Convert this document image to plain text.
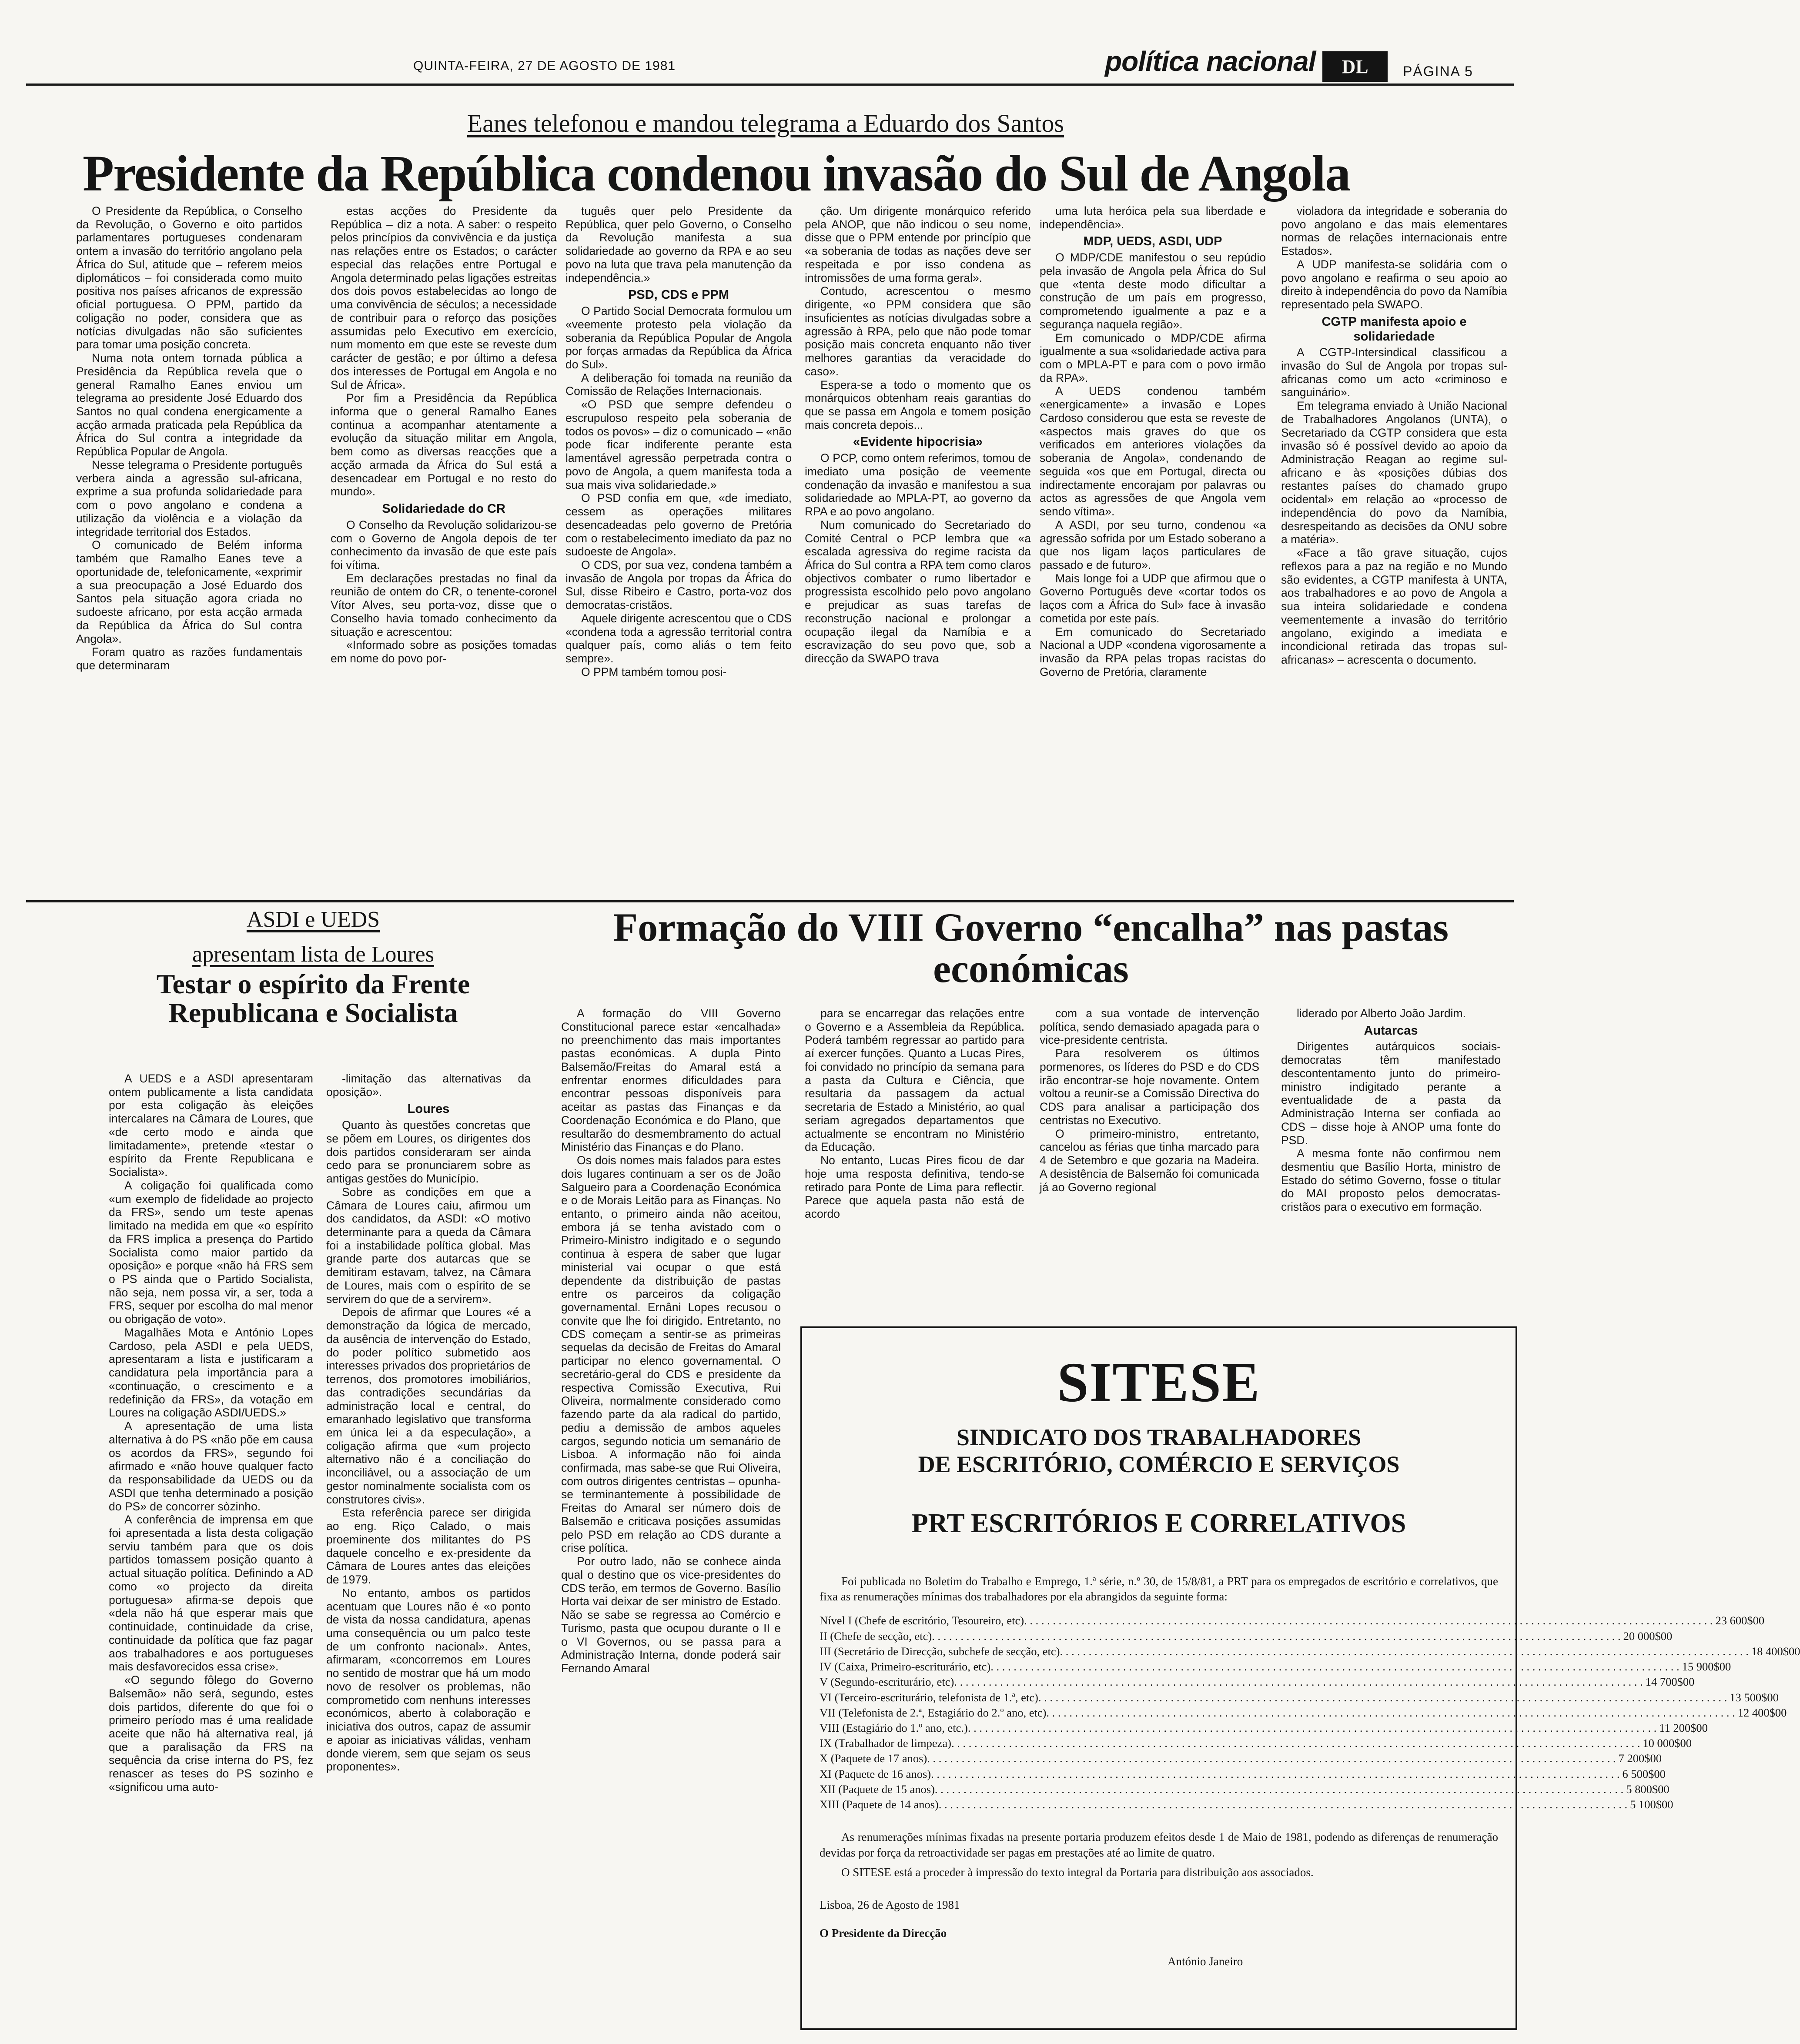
QUINTA-FEIRA, 27 DE AGOSTO DE 1981	política nacional	DL	PÁGINA 5
Eanes telefonou e mandou telegrama a Eduardo dos Santos
Presidente da República condenou invasão do Sul de Angola

O Presidente da República, o Conselho da Revolução, o Governo e oito partidos parlamentares portugueses condenaram ontem a invasão do território angolano pela África do Sul, atitude que – referem meios diplomáticos – foi considerada como muito positiva nos países africanos de expressão oficial portuguesa. O PPM, partido da coligação no poder, considera que as notícias divulgadas não são suficientes para tomar uma posição concreta.

Numa nota ontem tornada pública a Presidência da República revela que o general Ramalho Eanes enviou um telegrama ao presidente José Eduardo dos Santos no qual condena energicamente a acção armada praticada pela República da África do Sul contra a integridade da República Popular de Angola.

Nesse telegrama o Presidente português verbera ainda a agressão sul-africana, exprime a sua profunda solidariedade para com o povo angolano e condena a utilização da violência e a violação da integridade territorial dos Estados.

O comunicado de Belém informa também que Ramalho Eanes teve a oportunidade de, telefonicamente, «exprimir a sua preocupação a José Eduardo dos Santos pela situação agora criada no sudoeste africano, por esta acção armada da República da África do Sul contra Angola».

Foram quatro as razões fundamentais que determinaram

estas acções do Presidente da República – diz a nota. A saber: o respeito pelos princípios da convivência e da justiça nas relações entre os Estados; o carácter especial das relações entre Portugal e Angola determinado pelas ligações estreitas dos dois povos estabelecidas ao longo de uma convivência de séculos; a necessidade de contribuir para o reforço das posições assumidas pelo Executivo em exercício, num momento em que este se reveste dum carácter de gestão; e por último a defesa dos interesses de Portugal em Angola e no Sul de África».

Por fim a Presidência da República informa que o general Ramalho Eanes continua a acompanhar atentamente a evolução da situação militar em Angola, bem como as diversas reacções que a acção armada da África do Sul está a desencadear em Portugal e no resto do mundo».

Solidariedade do CR

O Conselho da Revolução solidarizou-se com o Governo de Angola depois de ter conhecimento da invasão de que este país foi vítima.

Em declarações prestadas no final da reunião de ontem do CR, o tenente-coronel Vítor Alves, seu porta-voz, disse que o Conselho havia tomado conhecimento da situação e acrescentou:

«Informado sobre as posições tomadas em nome do povo por-

tuguês quer pelo Presidente da República, quer pelo Governo, o Conselho da Revolução manifesta a sua solidariedade ao governo da RPA e ao seu povo na luta que trava pela manutenção da independência.»

PSD, CDS e PPM

O Partido Social Democrata formulou um «veemente protesto pela violação da soberania da República Popular de Angola por forças armadas da República da África do Sul».

A deliberação foi tomada na reunião da Comissão de Relações Internacionais.

«O PSD que sempre defendeu o escrupuloso respeito pela soberania de todos os povos» – diz o comunicado – «não pode ficar indiferente perante esta lamentável agressão perpetrada contra o povo de Angola, a quem manifesta toda a sua mais viva solidariedade.»

O PSD confia em que, «de imediato, cessem as operações militares desencadeadas pelo governo de Pretória com o restabelecimento imediato da paz no sudoeste de Angola».

O CDS, por sua vez, condena também a invasão de Angola por tropas da África do Sul, disse Ribeiro e Castro, porta-voz dos democratas-cristãos.

Aquele dirigente acrescentou que o CDS «condena toda a agressão territorial contra qualquer país, como aliás o tem feito sempre».

O PPM também tomou posi-

ção. Um dirigente monárquico referido pela ANOP, que não indicou o seu nome, disse que o PPM entende por princípio que «a soberania de todas as nações deve ser respeitada e por isso condena as intromissões de uma forma geral».

Contudo, acrescentou o mesmo dirigente, «o PPM considera que são insuficientes as notícias divulgadas sobre a agressão à RPA, pelo que não pode tomar posição mais concreta enquanto não tiver melhores garantias da veracidade do caso».

Espera-se a todo o momento que os monárquicos obtenham reais garantias do que se passa em Angola e tomem posição mais concreta depois...

«Evidente hipocrisia»

O PCP, como ontem referimos, tomou de imediato uma posição de veemente condenação da invasão e manifestou a sua solidariedade ao MPLA-PT, ao governo da RPA e ao povo angolano.

Num comunicado do Secretariado do Comité Central o PCP lembra que «a escalada agressiva do regime racista da África do Sul contra a RPA tem como claros objectivos combater o rumo libertador e progressista escolhido pelo povo angolano e prejudicar as suas tarefas de reconstrução nacional e prolongar a ocupação ilegal da Namíbia e a escravização do seu povo que, sob a direcção da SWAPO trava

uma luta heróica pela sua liberdade e independência».

MDP, UEDS, ASDI, UDP

O MDP/CDE manifestou o seu repúdio pela invasão de Angola pela África do Sul que «tenta deste modo dificultar a construção de um país em progresso, comprometendo igualmente a paz e a segurança naquela região».

Em comunicado o MDP/CDE afirma igualmente a sua «solidariedade activa para com o MPLA-PT e para com o povo irmão da RPA».

A UEDS condenou também «energicamente» a invasão e Lopes Cardoso considerou que esta se reveste de «aspectos mais graves do que os verificados em anteriores violações da soberania de Angola», condenando de seguida «os que em Portugal, directa ou indirectamente encorajam por palavras ou actos as agressões de que Angola vem sendo vítima».

A ASDI, por seu turno, condenou «a agressão sofrida por um Estado soberano a que nos ligam laços particulares de passado e de futuro».

Mais longe foi a UDP que afirmou que o Governo Português deve «cortar todos os laços com a África do Sul» face à invasão cometida por este país.

Em comunicado do Secretariado Nacional a UDP «condena vigorosamente a invasão da RPA pelas tropas racistas do Governo de Pretória, claramente

violadora da integridade e soberania do povo angolano e das mais elementares normas de relações internacionais entre Estados».

A UDP manifesta-se solidária com o povo angolano e reafirma o seu apoio ao direito à independência do povo da Namíbia representado pela SWAPO.

CGTP manifesta apoio e solidariedade

A CGTP-Intersindical classificou a invasão do Sul de Angola por tropas sul-africanas como um acto «criminoso e sanguinário».

Em telegrama enviado à União Nacional de Trabalhadores Angolanos (UNTA), o Secretariado da CGTP considera que esta invasão só é possível devido ao apoio da Administração Reagan ao regime sul-africano e às «posições dúbias dos restantes países do chamado grupo ocidental» em relação ao «processo de independência do povo da Namíbia, desrespeitando as decisões da ONU sobre a matéria».

«Face a tão grave situação, cujos reflexos para a paz na região e no Mundo são evidentes, a CGTP manifesta à UNTA, aos trabalhadores e ao povo de Angola a sua inteira solidariedade e condena veementemente a invasão do território angolano, exigindo a imediata e incondicional retirada das tropas sul-africanas» – acrescenta o documento.

ASDI e UEDS
apresentam lista de Loures
Testar o espírito da Frente Republicana e Socialista

A UEDS e a ASDI apresentaram ontem publicamente a lista candidata por esta coligação às eleições intercalares na Câmara de Loures, que «de certo modo e ainda que limitadamente», pretende «testar o espírito da Frente Republicana e Socialista».

A coligação foi qualificada como «um exemplo de fidelidade ao projecto da FRS», sendo um teste apenas limitado na medida em que «o espírito da FRS implica a presença do Partido Socialista como maior partido da oposição» e porque «não há FRS sem o PS ainda que o Partido Socialista, não seja, nem possa vir, a ser, toda a FRS, sequer por escolha do mal menor ou obrigação de voto».

Magalhães Mota e António Lopes Cardoso, pela ASDI e pela UEDS, apresentaram a lista e justificaram a candidatura pela importância para a «continuação, o crescimento e a redefinição da FRS», da votação em Loures na coligação ASDI/UEDS.»

A apresentação de uma lista alternativa à do PS «não põe em causa os acordos da FRS», segundo foi afirmado e «não houve qualquer facto da responsabilidade da UEDS ou da ASDI que tenha determinado a posição do PS» de concorrer sòzinho.

A conferência de imprensa em que foi apresentada a lista desta coligação serviu também para que os dois partidos tomassem posição quanto à actual situação política. Definindo a AD como «o projecto da direita portuguesa» afirma-se depois que «dela não há que esperar mais que continuidade, continuidade da crise, continuidade da política que faz pagar aos trabalhadores e aos portugueses mais desfavorecidos essa crise».

«O segundo fôlego do Governo Balsemão» não será, segundo, estes dois partidos, diferente do que foi o primeiro período mas é uma realidade aceite que não há alternativa real, já que a paralisação da FRS na sequência da crise interna do PS, fez renascer as teses do PS sozinho e «significou uma auto-

-limitação das alternativas da oposição».

Loures

Quanto às questões concretas que se põem em Loures, os dirigentes dos dois partidos consideraram ser ainda cedo para se pronunciarem sobre as antigas gestões do Município.

Sobre as condições em que a Câmara de Loures caiu, afirmou um dos candidatos, da ASDI: «O motivo determinante para a queda da Câmara foi a instabilidade política global. Mas grande parte dos autarcas que se demitiram estavam, talvez, na Câmara de Loures, mais com o espírito de se servirem do que de a servirem».

Depois de afirmar que Loures «é a demonstração da lógica de mercado, da ausência de intervenção do Estado, do poder político submetido aos interesses privados dos proprietários de terrenos, dos promotores imobiliários, das contradições secundárias da administração local e central, do emaranhado legislativo que transforma em única lei a da especulação», a coligação afirma que «um projecto alternativo não é a conciliação do inconciliável, ou a associação de um gestor nominalmente socialista com os construtores civis».

Esta referência parece ser dirigida ao eng. Riço Calado, o mais proeminente dos militantes do PS daquele concelho e ex-presidente da Câmara de Loures antes das eleições de 1979.

No entanto, ambos os partidos acentuam que Loures não é «o ponto de vista da nossa candidatura, apenas uma consequência ou um palco teste de um confronto nacional». Antes, afirmaram, «concorremos em Loures no sentido de mostrar que há um modo novo de resolver os problemas, não comprometido com nenhuns interesses económicos, aberto à colaboração e iniciativa dos outros, capaz de assumir e apoiar as iniciativas válidas, venham donde vierem, sem que sejam os seus proponentes».

Formação do VIII Governo “encalha” nas pastas económicas

A formação do VIII Governo Constitucional parece estar «encalhada» no preenchimento das mais importantes pastas económicas. A dupla Pinto Balsemão/Freitas do Amaral está a enfrentar enormes dificuldades para encontrar pessoas disponíveis para aceitar as pastas das Finanças e da Coordenação Económica e do Plano, que resultarão do desmembramento do actual Ministério das Finanças e do Plano.

Os dois nomes mais falados para estes dois lugares continuam a ser os de João Salgueiro para a Coordenação Económica e o de Morais Leitão para as Finanças. No entanto, o primeiro ainda não aceitou, embora já se tenha avistado com o Primeiro-Ministro indigitado e o segundo continua à espera de saber que lugar ministerial vai ocupar o que está dependente da distribuição de pastas entre os parceiros da coligação governamental. Ernâni Lopes recusou o convite que lhe foi dirigido. Entretanto, no CDS começam a sentir-se as primeiras sequelas da decisão de Freitas do Amaral participar no elenco governamental. O secretário-geral do CDS e presidente da respectiva Comissão Executiva, Rui Oliveira, normalmente considerado como fazendo parte da ala radical do partido, pediu a demissão de ambos aqueles cargos, segundo noticia um semanário de Lisboa. A informação não foi ainda confirmada, mas sabe-se que Rui Oliveira, com outros dirigentes centristas – opunha-se terminantemente à possibilidade de Freitas do Amaral ser número dois de Balsemão e criticava posições assumidas pelo PSD em relação ao CDS durante a crise política.

Por outro lado, não se conhece ainda qual o destino que os vice-presidentes do CDS terão, em termos de Governo. Basílio Horta vai deixar de ser ministro de Estado. Não se sabe se regressa ao Comércio e Turismo, pasta que ocupou durante o II e o VI Governos, ou se passa para a Administração Interna, donde poderá sair Fernando Amaral

para se encarregar das relações entre o Governo e a Assembleia da República. Poderá também regressar ao partido para aí exercer funções. Quanto a Lucas Pires, foi convidado no princípio da semana para a pasta da Cultura e Ciência, que resultaria da passagem da actual secretaria de Estado a Ministério, ao qual seriam agregados departamentos que actualmente se encontram no Ministério da Educação.

No entanto, Lucas Pires ficou de dar hoje uma resposta definitiva, tendo-se retirado para Ponte de Lima para reflectir. Parece que aquela pasta não está de acordo

com a sua vontade de intervenção política, sendo demasiado apagada para o vice-presidente centrista.

Para resolverem os últimos pormenores, os líderes do PSD e do CDS irão encontrar-se hoje novamente. Ontem voltou a reunir-se a Comissão Directiva do CDS para analisar a participação dos centristas no Executivo.

O primeiro-ministro, entretanto, cancelou as férias que tinha marcado para 4 de Setembro e que gozaria na Madeira. A desistência de Balsemão foi comunicada já ao Governo regional

liderado por Alberto João Jardim.

Autarcas

Dirigentes autárquicos sociais-democratas têm manifestado descontentamento junto do primeiro-ministro indigitado perante a eventualidade de a pasta da Administração Interna ser confiada ao CDS – disse hoje à ANOP uma fonte do PSD.

A mesma fonte não confirmou nem desmentiu que Basílio Horta, ministro de Estado do sétimo Governo, fosse o titular do MAI proposto pelos democratas-cristãos para o executivo em formação.

SITESE
SINDICATO DOS TRABALHADORES
DE ESCRITÓRIO, COMÉRCIO E SERVIÇOS
PRT ESCRITÓRIOS E CORRELATIVOS
Foi publicada no Boletim do Trabalho e Emprego, 1.ª série, n.º 30, de 15/8/81, a PRT para os empregados de escritório e correlativos, que fixa as renumerações mínimas dos trabalhadores por ela abrangidos da seguinte forma:
Nível I (Chefe de escritório, Tesoureiro, etc) . . . . . . . . . . . . . . . . . . . . . . . . . . . . . . . . . . . . . . . . . . . . . . . . . . . . . . . . . . . . . . . . . . . . . . . . . . . . . . . . . . . . . . . . . . . . . . . . . . . . . . . . . . . . . . . . . . . . . . . . 23 600$00
II (Chefe de secção, etc) . . . . . . . . . . . . . . . . . . . . . . . . . . . . . . . . . . . . . . . . . . . . . . . . . . . . . . . . . . . . . . . . . . . . . . . . . . . . . . . . . . . . . . . . . . . . . . . . . . . . . . . . . . . . . . . . . . . . . . . . 20 000$00
III (Secretário de Direcção, subchefe de secção, etc) . . . . . . . . . . . . . . . . . . . . . . . . . . . . . . . . . . . . . . . . . . . . . . . . . . . . . . . . . . . . . . . . . . . . . . . . . . . . . . . . . . . . . . . . . . . . . . . . . . . . . . . . . . . . . . . . . . . . . . . . 18 400$00
IV (Caixa, Primeiro-escriturário, etc) . . . . . . . . . . . . . . . . . . . . . . . . . . . . . . . . . . . . . . . . . . . . . . . . . . . . . . . . . . . . . . . . . . . . . . . . . . . . . . . . . . . . . . . . . . . . . . . . . . . . . . . . . . . . . . . . . . . . . . . . 15 900$00
V (Segundo-escriturário, etc) . . . . . . . . . . . . . . . . . . . . . . . . . . . . . . . . . . . . . . . . . . . . . . . . . . . . . . . . . . . . . . . . . . . . . . . . . . . . . . . . . . . . . . . . . . . . . . . . . . . . . . . . . . . . . . . . . . . . . . . . 14 700$00
VI (Terceiro-escriturário, telefonista de 1.ª, etc) . . . . . . . . . . . . . . . . . . . . . . . . . . . . . . . . . . . . . . . . . . . . . . . . . . . . . . . . . . . . . . . . . . . . . . . . . . . . . . . . . . . . . . . . . . . . . . . . . . . . . . . . . . . . . . . . . . . . . . . . 13 500$00
VII (Telefonista de 2.ª, Estagiário do 2.º ano, etc) . . . . . . . . . . . . . . . . . . . . . . . . . . . . . . . . . . . . . . . . . . . . . . . . . . . . . . . . . . . . . . . . . . . . . . . . . . . . . . . . . . . . . . . . . . . . . . . . . . . . . . . . . . . . . . . . . . . . . . . . 12 400$00
VIII (Estagiário do 1.º ano, etc.) . . . . . . . . . . . . . . . . . . . . . . . . . . . . . . . . . . . . . . . . . . . . . . . . . . . . . . . . . . . . . . . . . . . . . . . . . . . . . . . . . . . . . . . . . . . . . . . . . . . . . . . . . . . . . . . . . . . . . . . . 11 200$00
IX (Trabalhador de limpeza) . . . . . . . . . . . . . . . . . . . . . . . . . . . . . . . . . . . . . . . . . . . . . . . . . . . . . . . . . . . . . . . . . . . . . . . . . . . . . . . . . . . . . . . . . . . . . . . . . . . . . . . . . . . . . . . . . . . . . . . . 10 000$00
X (Paquete de 17 anos) . . . . . . . . . . . . . . . . . . . . . . . . . . . . . . . . . . . . . . . . . . . . . . . . . . . . . . . . . . . . . . . . . . . . . . . . . . . . . . . . . . . . . . . . . . . . . . . . . . . . . . . . . . . . . . . . . . . . . . . . 7 200$00
XI (Paquete de 16 anos) . . . . . . . . . . . . . . . . . . . . . . . . . . . . . . . . . . . . . . . . . . . . . . . . . . . . . . . . . . . . . . . . . . . . . . . . . . . . . . . . . . . . . . . . . . . . . . . . . . . . . . . . . . . . . . . . . . . . . . . . 6 500$00
XII (Paquete de 15 anos) . . . . . . . . . . . . . . . . . . . . . . . . . . . . . . . . . . . . . . . . . . . . . . . . . . . . . . . . . . . . . . . . . . . . . . . . . . . . . . . . . . . . . . . . . . . . . . . . . . . . . . . . . . . . . . . . . . . . . . . . 5 800$00
XIII (Paquete de 14 anos) . . . . . . . . . . . . . . . . . . . . . . . . . . . . . . . . . . . . . . . . . . . . . . . . . . . . . . . . . . . . . . . . . . . . . . . . . . . . . . . . . . . . . . . . . . . . . . . . . . . . . . . . . . . . . . . . . . . . . . . . 5 100$00
As renumerações mínimas fixadas na presente portaria produzem efeitos desde 1 de Maio de 1981, podendo as diferenças de renumeração devidas por força da retroactividade ser pagas em prestações até ao limite de quatro.
O SITESE está a proceder à impressão do texto integral da Portaria para distribuição aos associados.
Lisboa, 26 de Agosto de 1981
O Presidente da Direcção
António Janeiro
